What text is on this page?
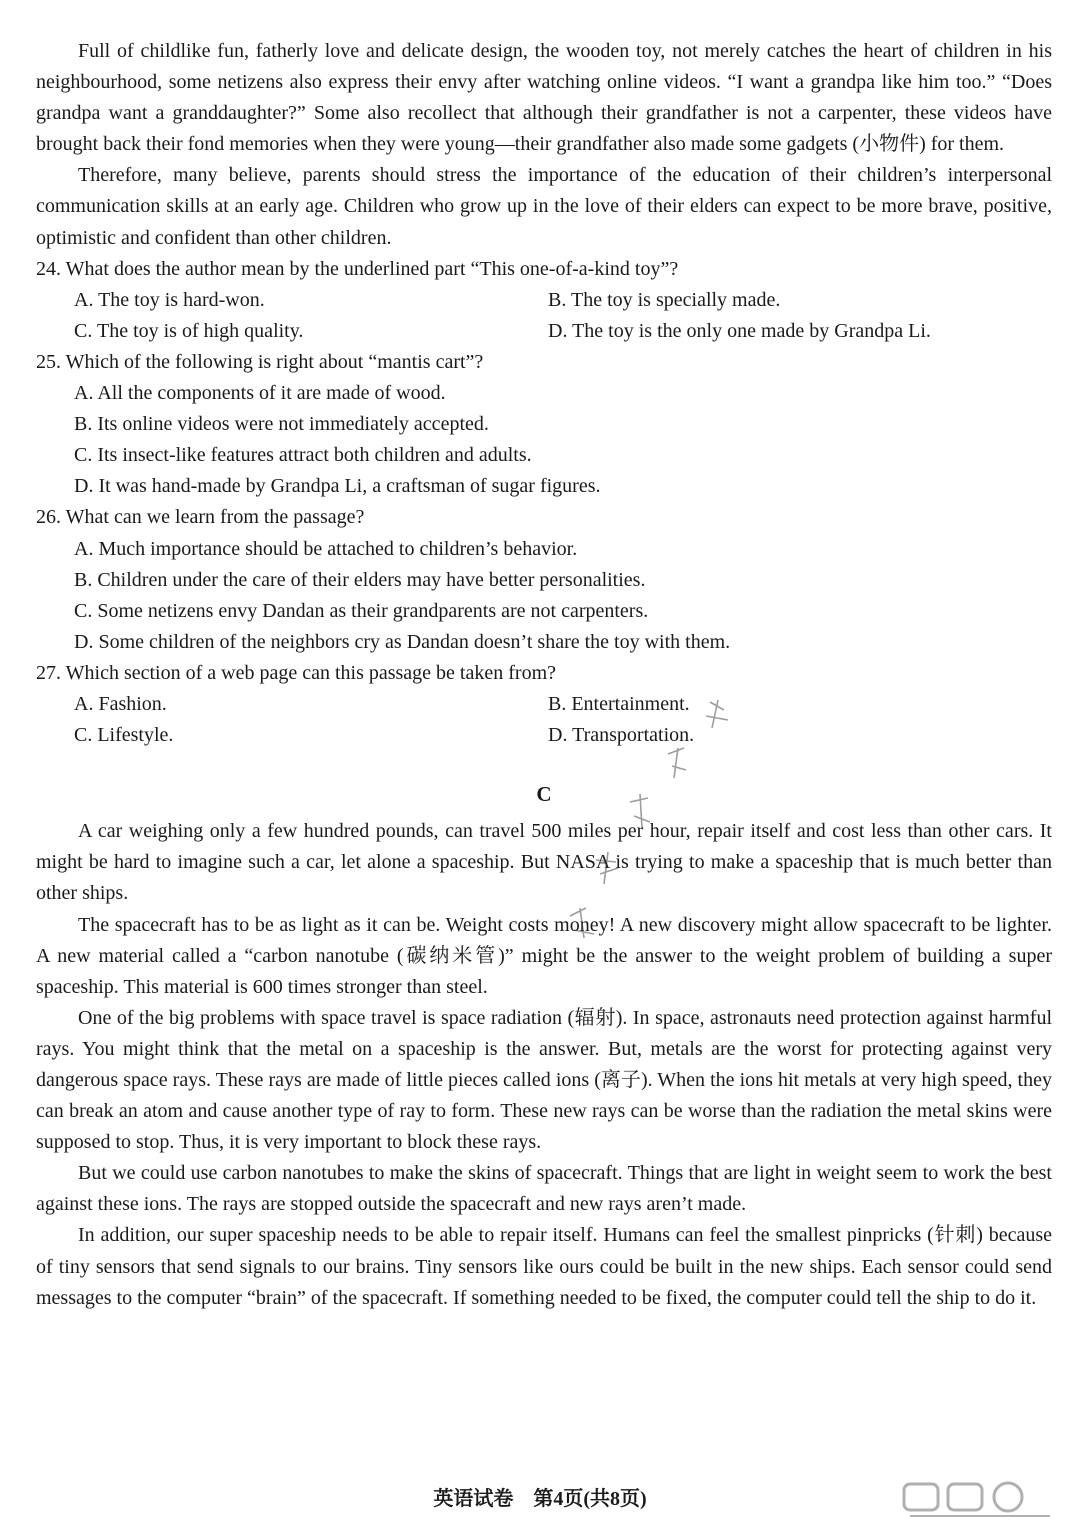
Full of childlike fun, fatherly love and delicate design, the wooden toy, not merely catches the heart of children in his neighbourhood, some netizens also express their envy after watching online videos. “I want a grandpa like him too.” “Does grandpa want a granddaughter?” Some also recollect that although their grandfather is not a carpenter, these videos have brought back their fond memories when they were young—their grandfather also made some gadgets (小物件) for them.

Therefore, many believe, parents should stress the importance of the education of their children’s interpersonal communication skills at an early age. Children who grow up in the love of their elders can expect to be more brave, positive, optimistic and confident than other children.

24. What does the author mean by the underlined part “This one-of-a-kind toy”?

A. The toy is hard-won.	B. The toy is specially made.
C. The toy is of high quality.	D. The toy is the only one made by Grandpa Li.

25. Which of the following is right about “mantis cart”?

A. All the components of it are made of wood.
B. Its online videos were not immediately accepted.
C. Its insect-like features attract both children and adults.
D. It was hand-made by Grandpa Li, a craftsman of sugar figures.

26. What can we learn from the passage?

A. Much importance should be attached to children’s behavior.
B. Children under the care of their elders may have better personalities.
C. Some netizens envy Dandan as their grandparents are not carpenters.
D. Some children of the neighbors cry as Dandan doesn’t share the toy with them.

27. Which section of a web page can this passage be taken from?

A. Fashion.	B. Entertainment.
C. Lifestyle.	D. Transportation.
C

A car weighing only a few hundred pounds, can travel 500 miles per hour, repair itself and cost less than other cars. It might be hard to imagine such a car, let alone a spaceship. But NASA is trying to make a spaceship that is much better than other ships.

The spacecraft has to be as light as it can be. Weight costs money! A new discovery might allow spacecraft to be lighter. A new material called a “carbon nanotube (碳纳米管)” might be the answer to the weight problem of building a super spaceship. This material is 600 times stronger than steel.

One of the big problems with space travel is space radiation (辐射). In space, astronauts need protection against harmful rays. You might think that the metal on a spaceship is the answer. But, metals are the worst for protecting against very dangerous space rays. These rays are made of little pieces called ions (离子). When the ions hit metals at very high speed, they can break an atom and cause another type of ray to form. These new rays can be worse than the radiation the metal skins were supposed to stop. Thus, it is very important to block these rays.

But we could use carbon nanotubes to make the skins of spacecraft. Things that are light in weight seem to work the best against these ions. The rays are stopped outside the spacecraft and new rays aren’t made.

In addition, our super spaceship needs to be able to repair itself. Humans can feel the smallest pinpricks (针刺) because of tiny sensors that send signals to our brains. Tiny sensors like ours could be built in the new ships. Each sensor could send messages to the computer “brain” of the spacecraft. If something needed to be fixed, the computer could tell the ship to do it.

英语试卷　第4页(共8页)
